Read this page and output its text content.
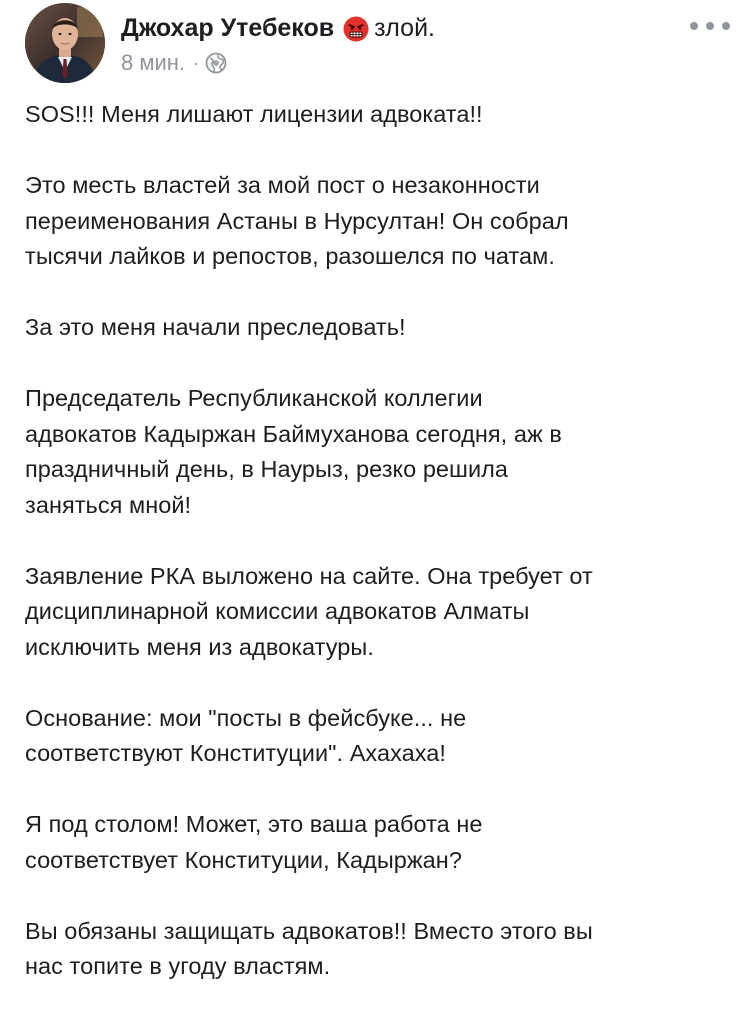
Джохар Утебеков злой.
8 мин. ·

SOS!!! Меня лишают лицензии адвоката!!

Это месть властей за мой пост о незаконности
переименования Астаны в Нурсултан! Он собрал
тысячи лайков и репостов, разошелся по чатам.

За это меня начали преследовать!

Председатель Республиканской коллегии
адвокатов Кадыржан Баймуханова сегодня, аж в
праздничный день, в Наурыз, резко решила
заняться мной!

Заявление РКА выложено на сайте. Она требует от
дисциплинарной комиссии адвокатов Алматы
исключить меня из адвокатуры.

Основание: мои "посты в фейсбуке... не
соответствуют Конституции". Ахахаха!

Я под столом! Может, это ваша работа не
соответствует Конституции, Кадыржан?

Вы обязаны защищать адвокатов!! Вместо этого вы
нас топите в угоду властям.
